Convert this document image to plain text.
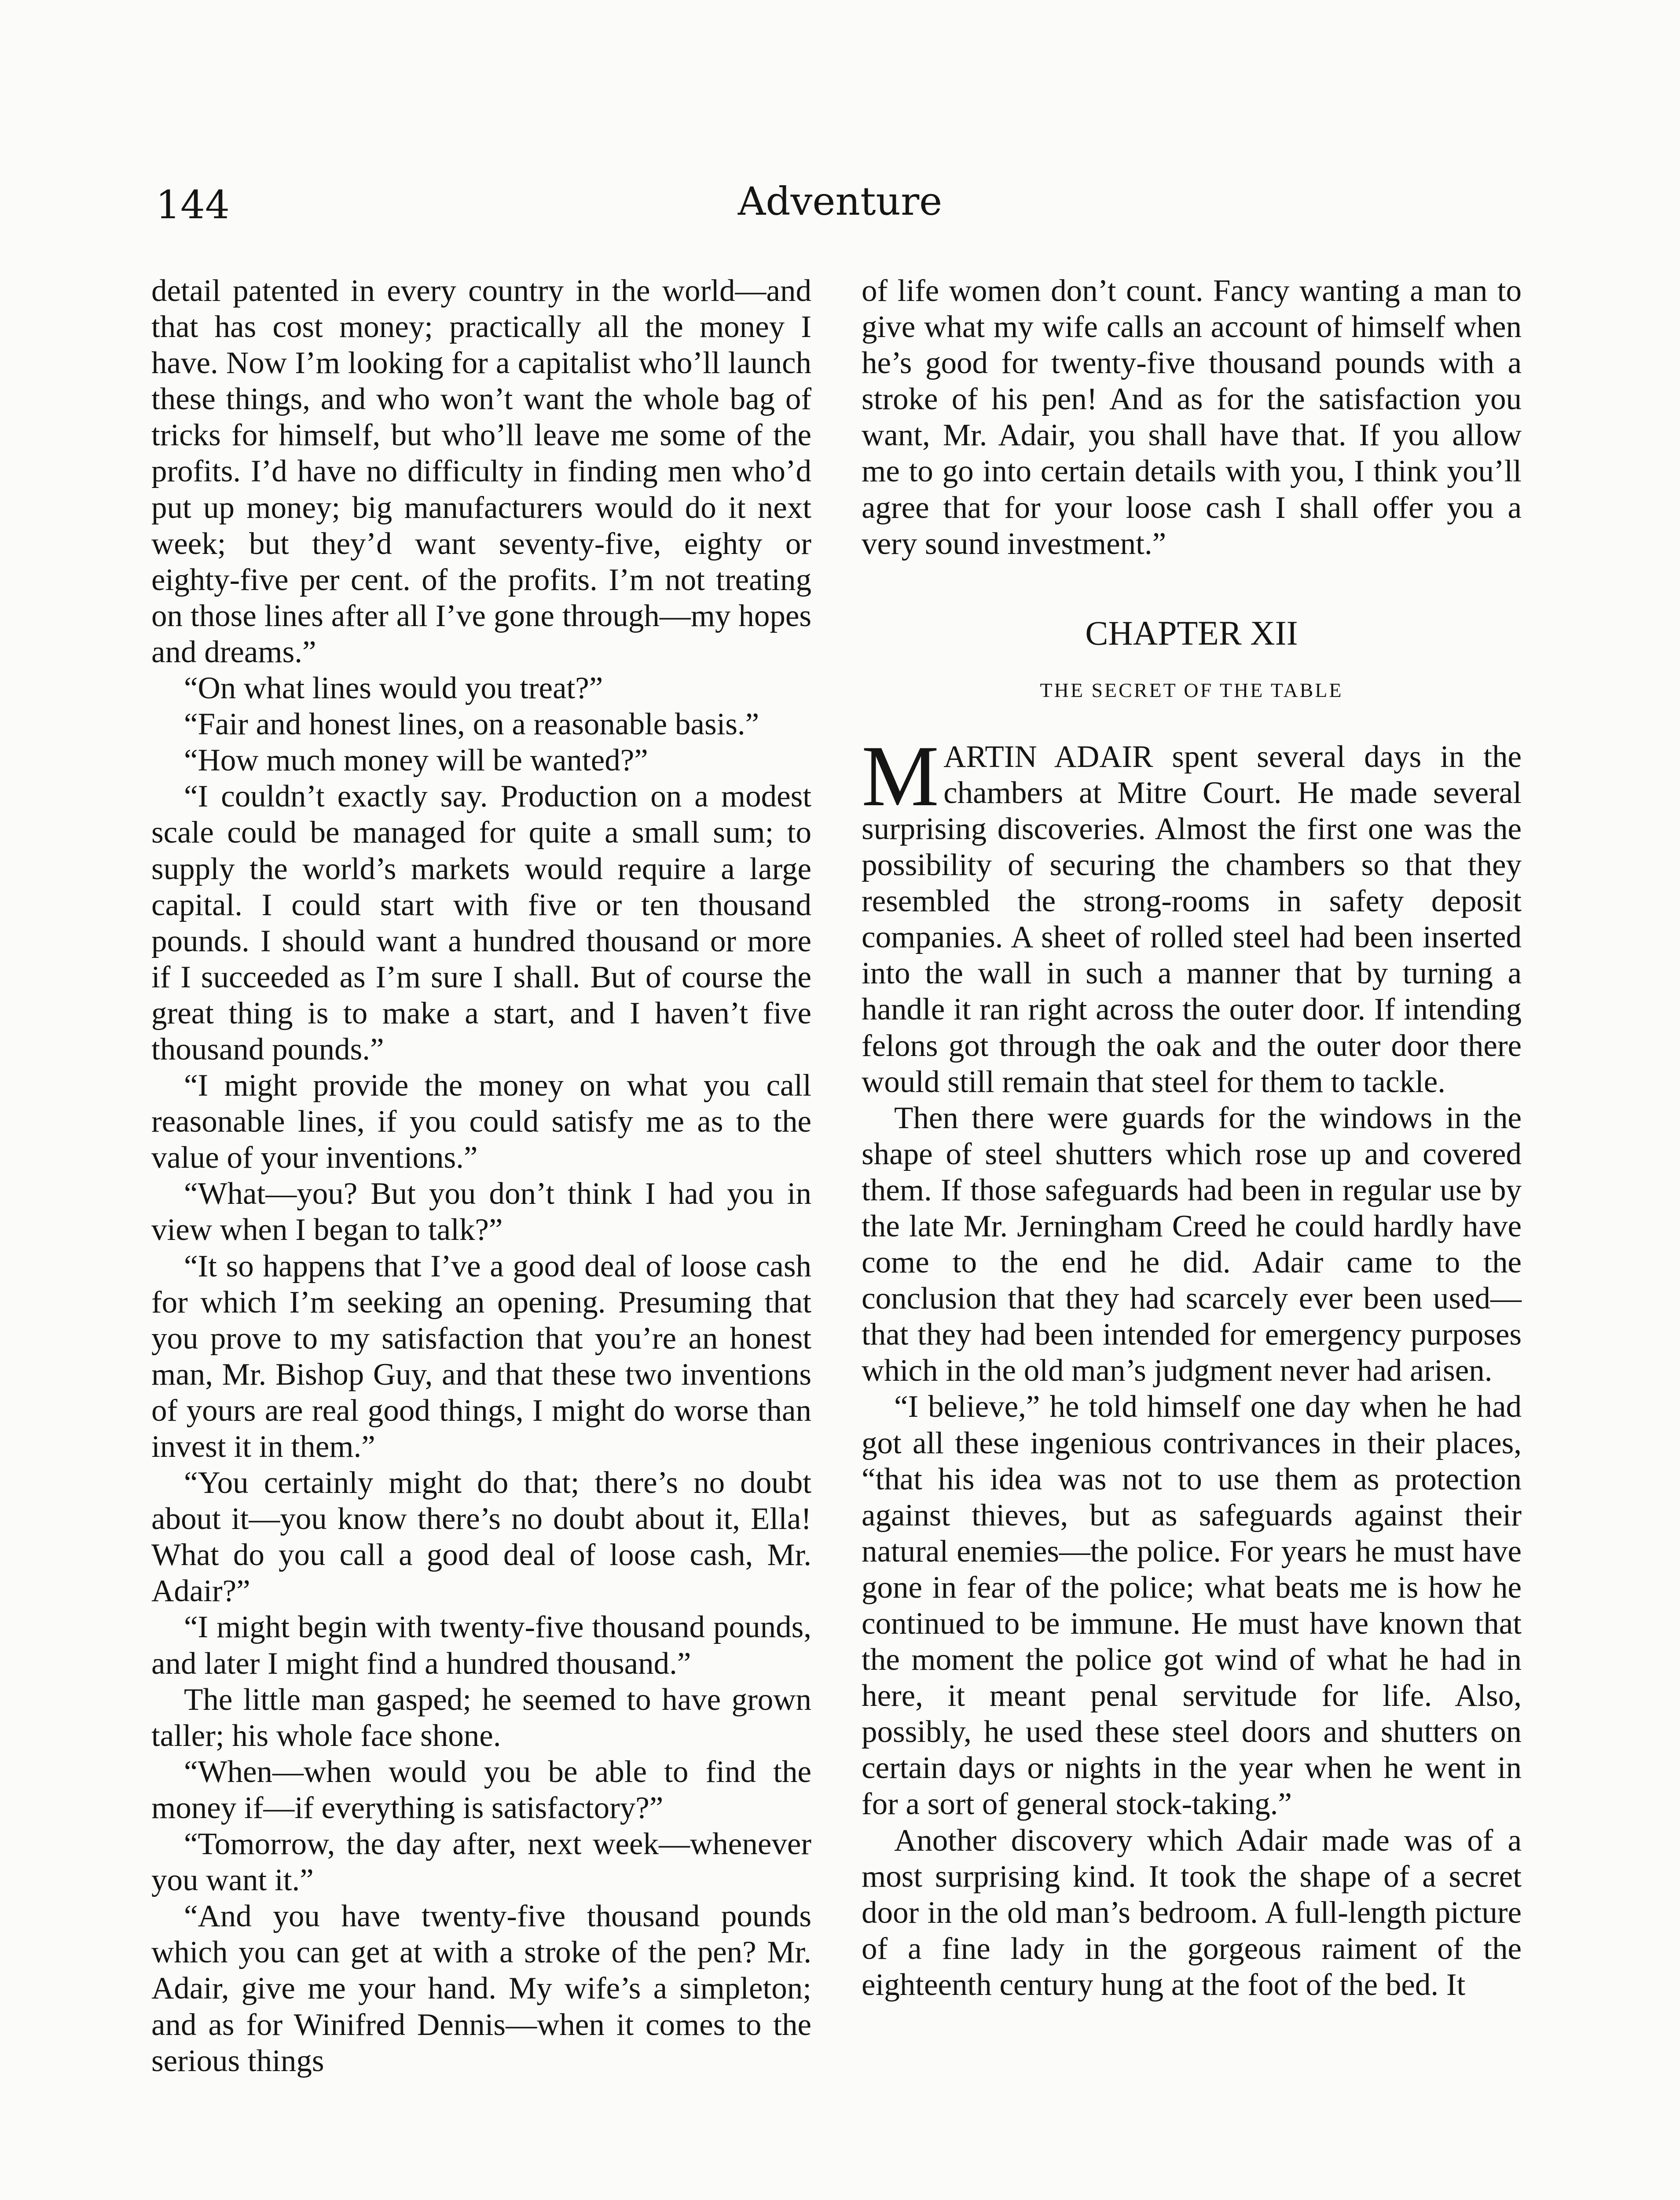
144	Adventure

detail patented in every country in the world—and that has cost money; practically all the money I have. Now I’m looking for a capitalist who’ll launch these things, and who won’t want the whole bag of tricks for himself, but who’ll leave me some of the profits. I’d have no difficulty in finding men who’d put up money; big manufacturers would do it next week; but they’d want seventy-five, eighty or eighty-five per cent. of the profits. I’m not treating on those lines after all I’ve gone through—my hopes and dreams.”

“On what lines would you treat?”

“Fair and honest lines, on a reasonable basis.”

“How much money will be wanted?”

“I couldn’t exactly say. Production on a modest scale could be managed for quite a small sum; to supply the world’s markets would require a large capital. I could start with five or ten thousand pounds. I should want a hundred thousand or more if I succeeded as I’m sure I shall. But of course the great thing is to make a start, and I haven’t five thousand pounds.”

“I might provide the money on what you call reasonable lines, if you could satisfy me as to the value of your inventions.”

“What—you? But you don’t think I had you in view when I began to talk?”

“It so happens that I’ve a good deal of loose cash for which I’m seeking an opening. Presuming that you prove to my satisfaction that you’re an honest man, Mr. Bishop Guy, and that these two inventions of yours are real good things, I might do worse than invest it in them.”

“You certainly might do that; there’s no doubt about it—you know there’s no doubt about it, Ella! What do you call a good deal of loose cash, Mr. Adair?”

“I might begin with twenty-five thousand pounds, and later I might find a hundred thousand.”

The little man gasped; he seemed to have grown taller; his whole face shone.

“When—when would you be able to find the money if—if everything is satisfactory?”

“Tomorrow, the day after, next week—whenever you want it.”

“And you have twenty-five thousand pounds which you can get at with a stroke of the pen? Mr. Adair, give me your hand. My wife’s a simpleton; and as for Winifred Dennis—when it comes to the serious things

of life women don’t count. Fancy wanting a man to give what my wife calls an account of himself when he’s good for twenty-five thousand pounds with a stroke of his pen! And as for the satisfaction you want, Mr. Adair, you shall have that. If you allow me to go into certain details with you, I think you’ll agree that for your loose cash I shall offer you a very sound investment.”

CHAPTER XII
THE SECRET OF THE TABLE

MARTIN ADAIR spent several days in the chambers at Mitre Court. He made several surprising discoveries. Almost the first one was the possibility of securing the chambers so that they resembled the strong-rooms in safety deposit companies. A sheet of rolled steel had been inserted into the wall in such a manner that by turning a handle it ran right across the outer door. If intending felons got through the oak and the outer door there would still remain that steel for them to tackle.

Then there were guards for the windows in the shape of steel shutters which rose up and covered them. If those safeguards had been in regular use by the late Mr. Jerningham Creed he could hardly have come to the end he did. Adair came to the conclusion that they had scarcely ever been used—that they had been intended for emergency purposes which in the old man’s judgment never had arisen.

“I believe,” he told himself one day when he had got all these ingenious contrivances in their places, “that his idea was not to use them as protection against thieves, but as safeguards against their natural enemies—the police. For years he must have gone in fear of the police; what beats me is how he continued to be immune. He must have known that the moment the police got wind of what he had in here, it meant penal servitude for life. Also, possibly, he used these steel doors and shutters on certain days or nights in the year when he went in for a sort of general stock-taking.”

Another discovery which Adair made was of a most surprising kind. It took the shape of a secret door in the old man’s bedroom. A full-length picture of a fine lady in the gorgeous raiment of the eighteenth century hung at the foot of the bed. It
